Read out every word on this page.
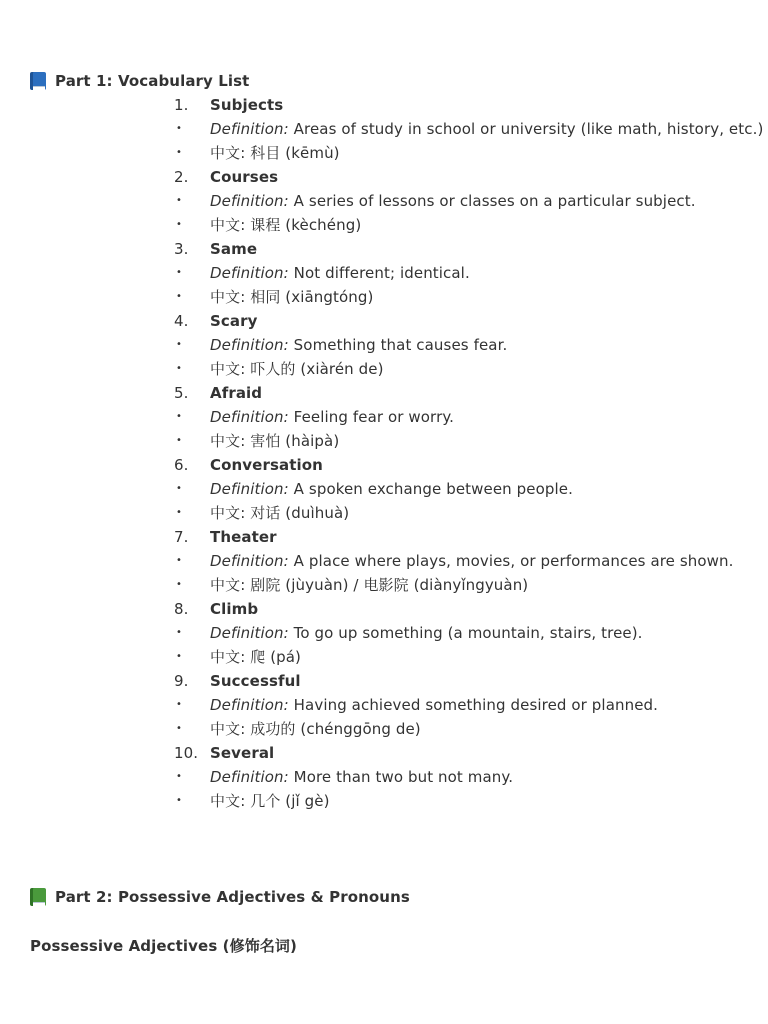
Part 1: Vocabulary List
1.	Subjects
•	Definition: Areas of study in school or university (like math, history, etc.)
•	中文: 科目 (kēmù)
2.	Courses
•	Definition: A series of lessons or classes on a particular subject.
•	中文: 课程 (kèchéng)
3.	Same
•	Definition: Not different; identical.
•	中文: 相同 (xiāngtóng)
4.	Scary
•	Definition: Something that causes fear.
•	中文: 吓人的 (xiàrén de)
5.	Afraid
•	Definition: Feeling fear or worry.
•	中文: 害怕 (hàipà)
6.	Conversation
•	Definition: A spoken exchange between people.
•	中文: 对话 (duìhuà)
7.	Theater
•	Definition: A place where plays, movies, or performances are shown.
•	中文: 剧院 (jùyuàn) / 电影院 (diànyǐngyuàn)
8.	Climb
•	Definition: To go up something (a mountain, stairs, tree).
•	中文: 爬 (pá)
9.	Successful
•	Definition: Having achieved something desired or planned.
•	中文: 成功的 (chénggōng de)
10. Several
•	Definition: More than two but not many.
•	中文: 几个 (jǐ gè)
Part 2: Possessive Adjectives & Pronouns
Possessive Adjectives (修饰名词)
